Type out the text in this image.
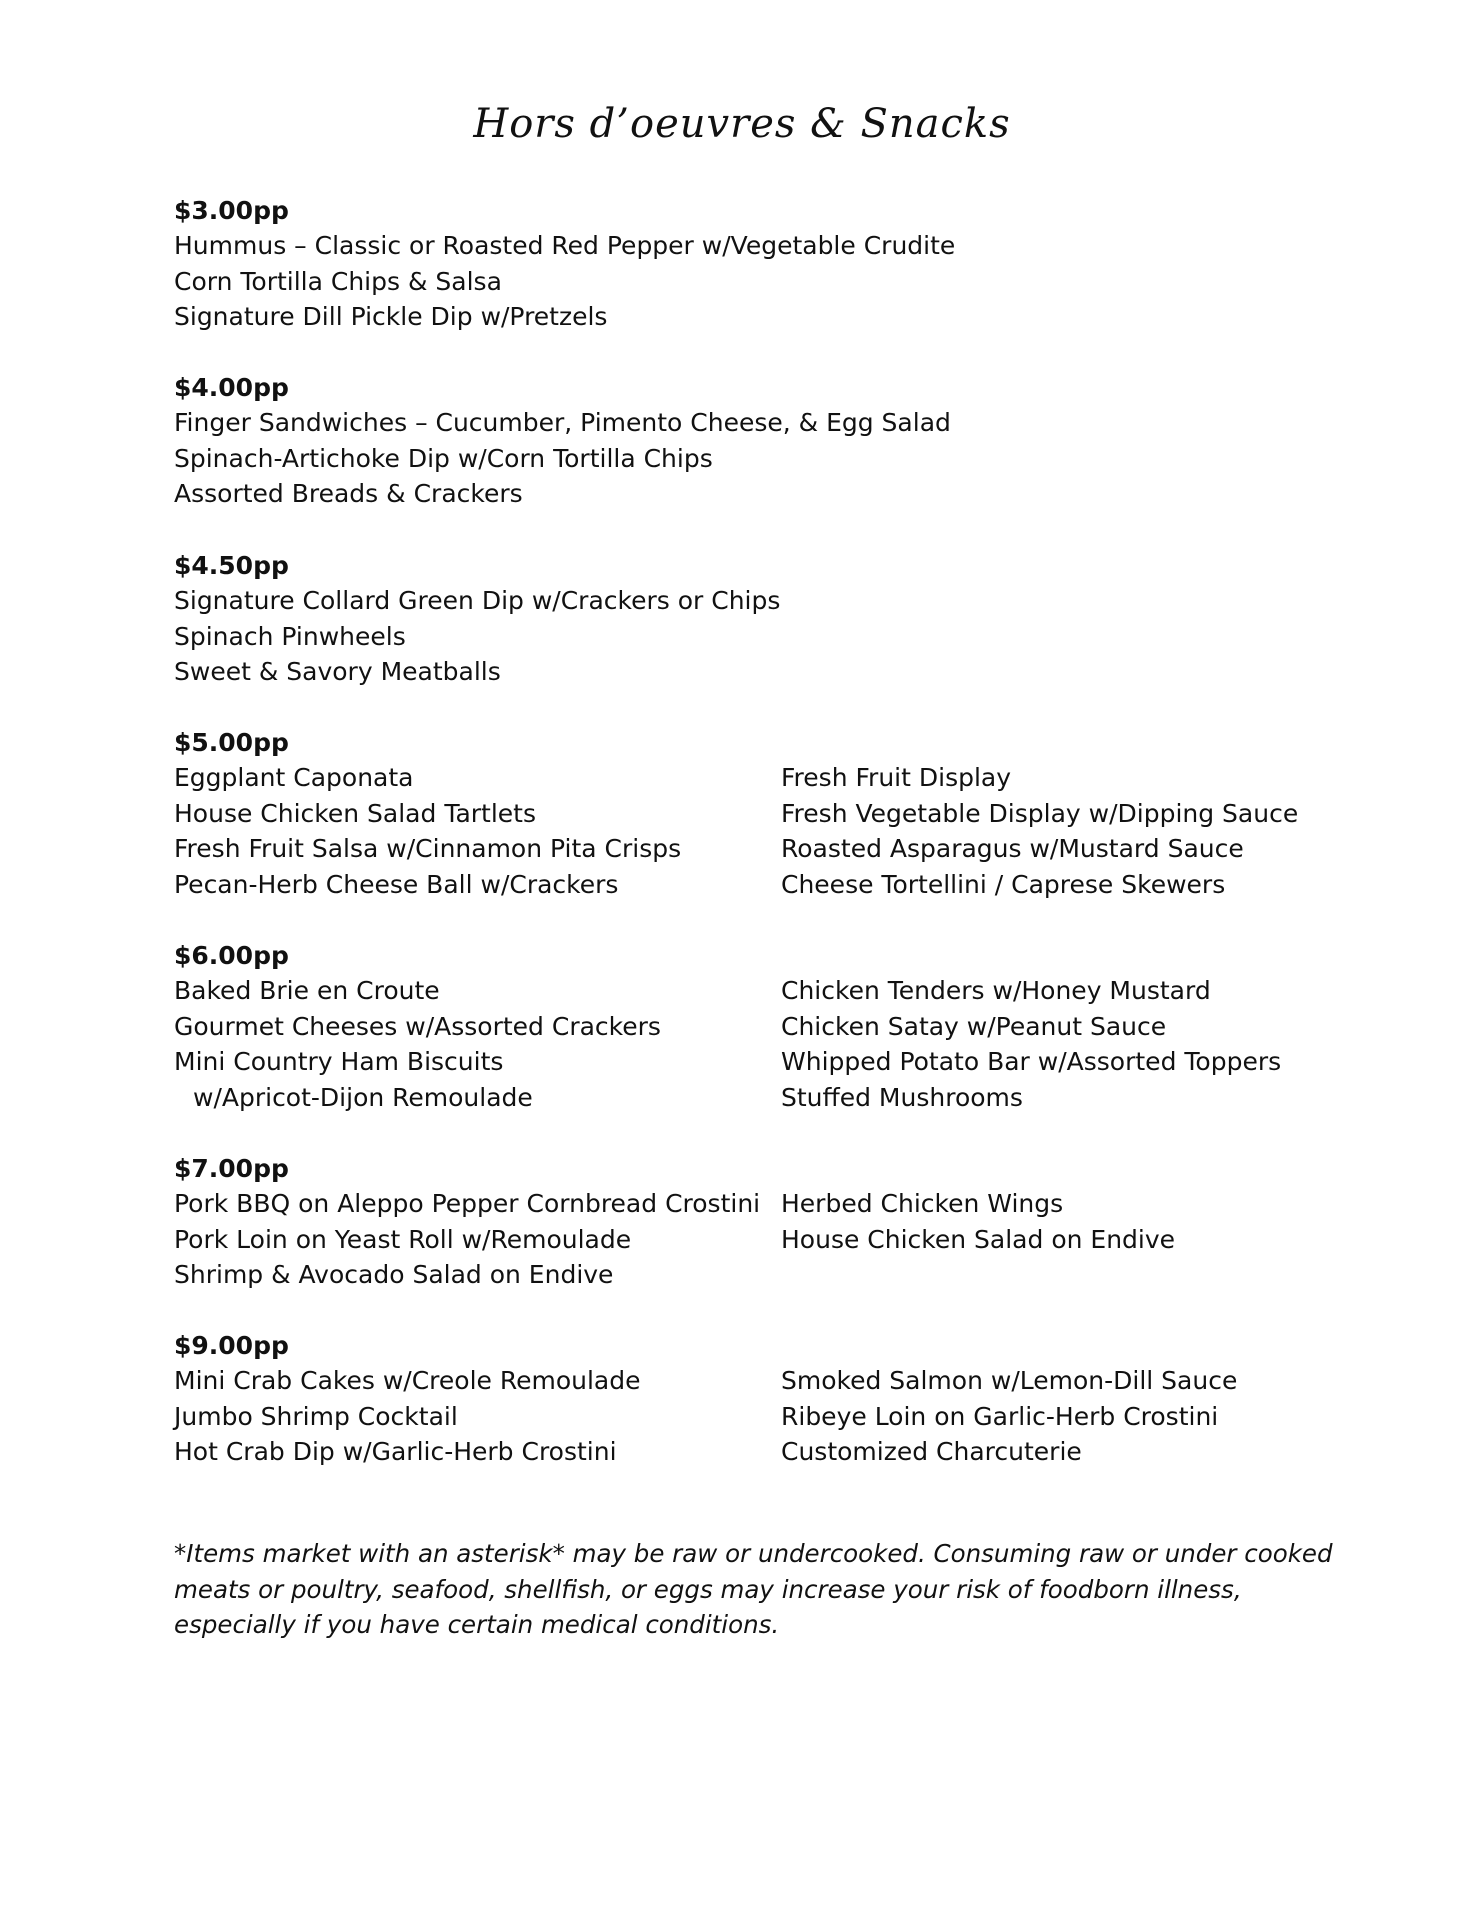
Hors d’oeuvres & Snacks
$3.00pp
Hummus – Classic or Roasted Red Pepper w/Vegetable Crudite
Corn Tortilla Chips & Salsa
Signature Dill Pickle Dip w/Pretzels
$4.00pp
Finger Sandwiches – Cucumber, Pimento Cheese, & Egg Salad
Spinach-Artichoke Dip w/Corn Tortilla Chips
Assorted Breads & Crackers
$4.50pp
Signature Collard Green Dip w/Crackers or Chips
Spinach Pinwheels
Sweet & Savory Meatballs
$5.00pp
Eggplant Caponata
House Chicken Salad Tartlets
Fresh Fruit Salsa w/Cinnamon Pita Crisps
Pecan-Herb Cheese Ball w/Crackers
Fresh Fruit Display
Fresh Vegetable Display w/Dipping Sauce
Roasted Asparagus w/Mustard Sauce
Cheese Tortellini / Caprese Skewers
$6.00pp
Baked Brie en Croute
Gourmet Cheeses w/Assorted Crackers
Mini Country Ham Biscuits
w/Apricot-Dijon Remoulade
Chicken Tenders w/Honey Mustard
Chicken Satay w/Peanut Sauce
Whipped Potato Bar w/Assorted Toppers
Stuffed Mushrooms
$7.00pp
Pork BBQ on Aleppo Pepper Cornbread Crostini
Pork Loin on Yeast Roll w/Remoulade
Shrimp & Avocado Salad on Endive
Herbed Chicken Wings
House Chicken Salad on Endive
$9.00pp
Mini Crab Cakes w/Creole Remoulade
Jumbo Shrimp Cocktail
Hot Crab Dip w/Garlic-Herb Crostini
Smoked Salmon w/Lemon-Dill Sauce
Ribeye Loin on Garlic-Herb Crostini
Customized Charcuterie
*Items market with an asterisk* may be raw or undercooked. Consuming raw or under cooked
meats or poultry, seafood, shellfish, or eggs may increase your risk of foodborn illness,
especially if you have certain medical conditions.
